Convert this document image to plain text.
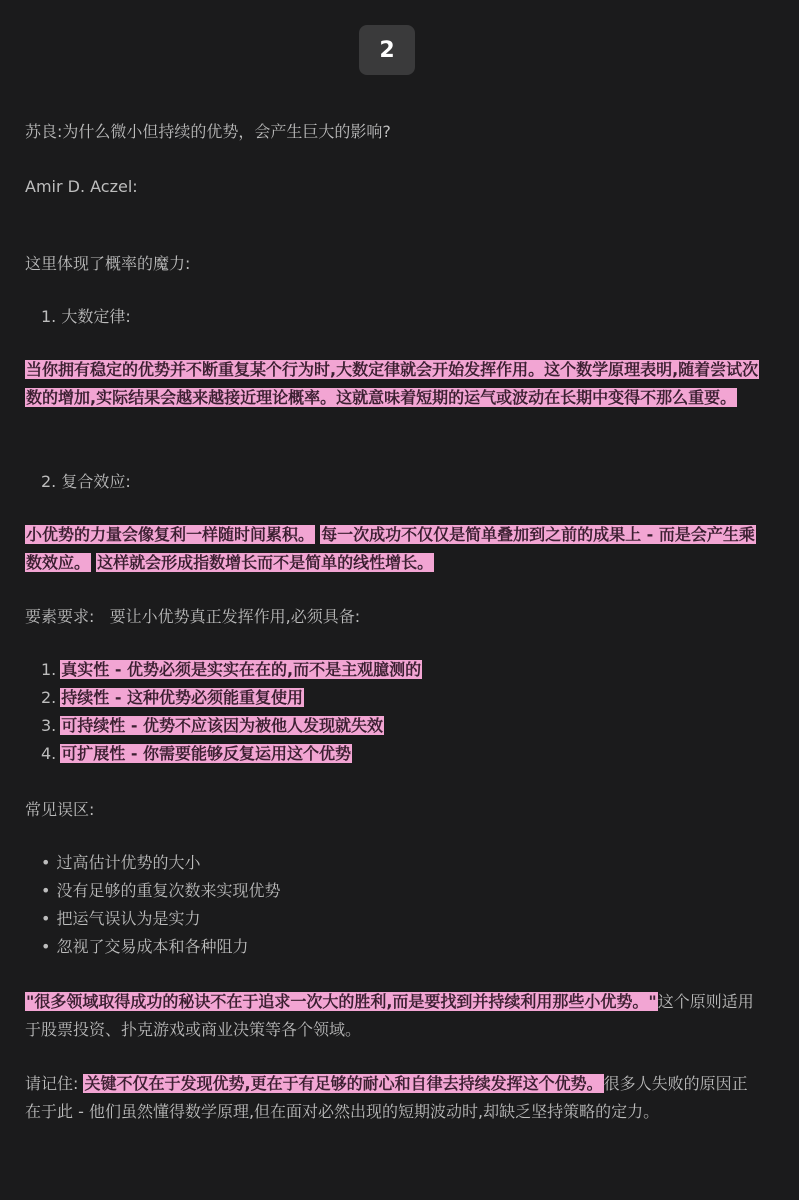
2

苏良:为什么微小但持续的优势，会产生巨大的影响?

Amir D. Aczel:

这里体现了概率的魔力:

1. 大数定律:

当你拥有稳定的优势并不断重复某个行为时,大数定律就会开始发挥作用。这个数学原理表明,随着尝试次数的增加,实际结果会越来越接近理论概率。这就意味着短期的运气或波动在长期中变得不那么重要。

2. 复合效应:

小优势的力量会像复利一样随时间累积。 每一次成功不仅仅是简单叠加到之前的成果上 - 而是会产生乘数效应。 这样就会形成指数增长而不是简单的线性增长。

要素要求:   要让小优势真正发挥作用,必须具备:

1. 真实性 - 优势必须是实实在在的,而不是主观臆测的
2. 持续性 - 这种优势必须能重复使用
3. 可持续性 - 优势不应该因为被他人发现就失效
4. 可扩展性 - 你需要能够反复运用这个优势

常见误区:

• 过高估计优势的大小
• 没有足够的重复次数来实现优势
• 把运气误认为是实力
• 忽视了交易成本和各种阻力

"很多领域取得成功的秘诀不在于追求一次大的胜利,而是要找到并持续利用那些小优势。"这个原则适用于股票投资、扑克游戏或商业决策等各个领域。

请记住: 关键不仅在于发现优势,更在于有足够的耐心和自律去持续发挥这个优势。很多人失败的原因正在于此 - 他们虽然懂得数学原理,但在面对必然出现的短期波动时,却缺乏坚持策略的定力。
